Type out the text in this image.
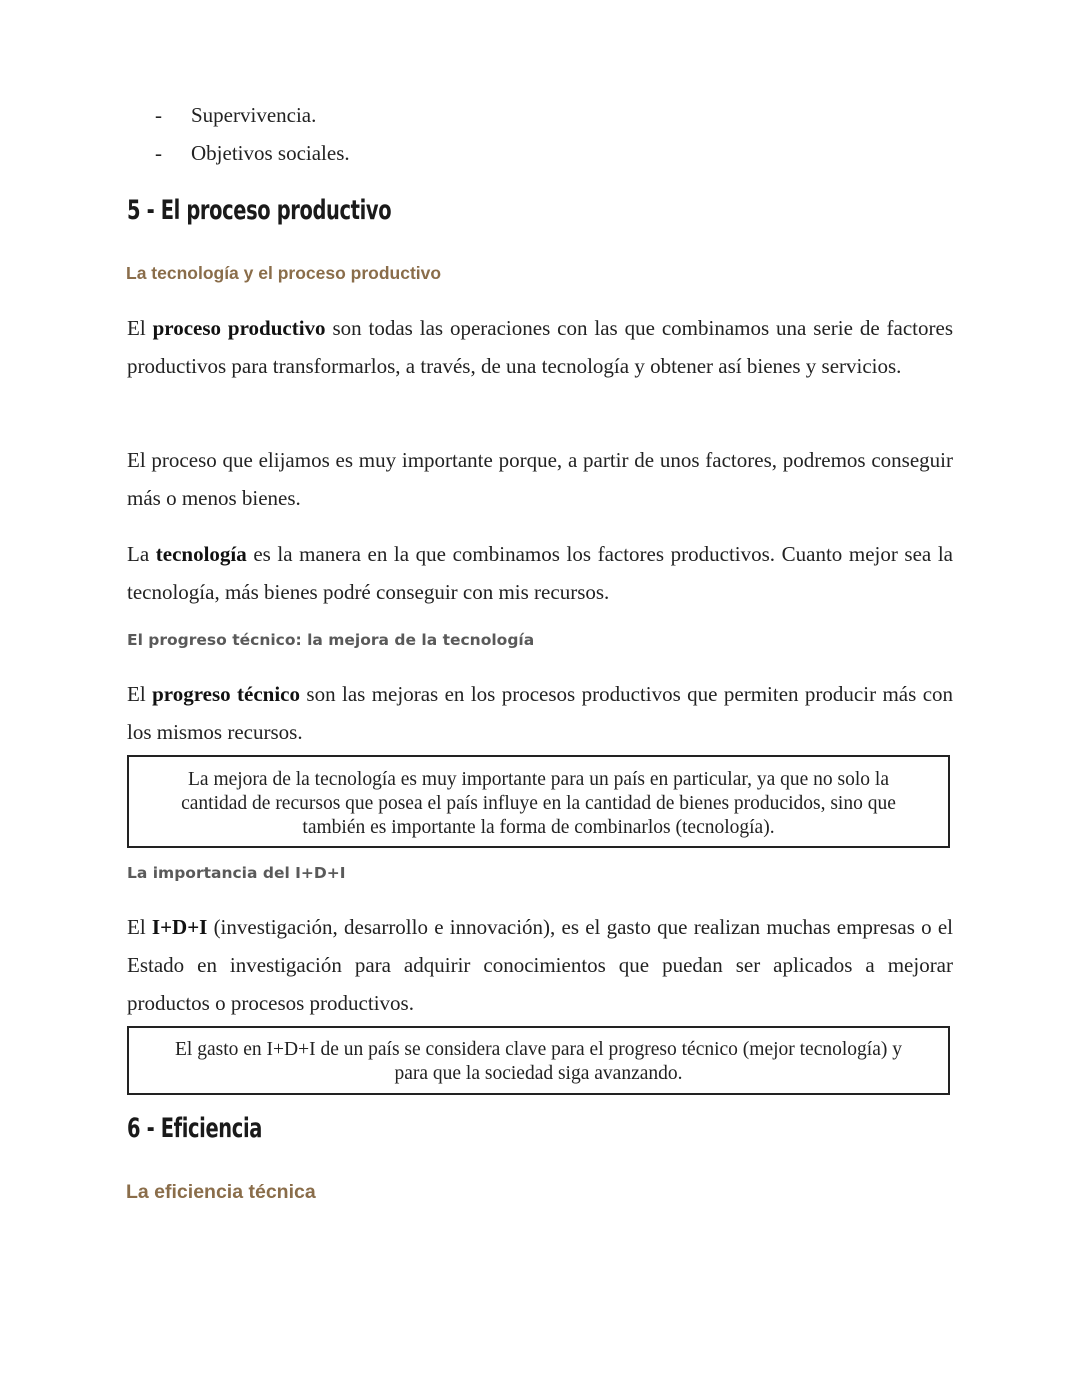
-	Supervivencia.
-	Objetivos sociales.
5 - El proceso productivo
La tecnología y el proceso productivo

El proceso productivo son todas las operaciones con las que combinamos una serie de factores productivos para transformarlos, a través, de una tecnología y obtener así bienes y servicios.

El proceso que elijamos es muy importante porque, a partir de unos factores, podremos conseguir más o menos bienes.

La tecnología es la manera en la que combinamos los factores productivos. Cuanto mejor sea la tecnología, más bienes podré conseguir con mis recursos.

El progreso técnico: la mejora de la tecnología

El progreso técnico son las mejoras en los procesos productivos que permiten producir más con los mismos recursos.

La mejora de la tecnología es muy importante para un país en particular, ya que no solo la cantidad de recursos que posea el país influye en la cantidad de bienes producidos, sino que también es importante la forma de combinarlos (tecnología).
La importancia del I+D+I

El I+D+I (investigación, desarrollo e innovación), es el gasto que realizan muchas empresas o el Estado en investigación para adquirir conocimientos que puedan ser aplicados a mejorar productos o procesos productivos.

El gasto en I+D+I de un país se considera clave para el progreso técnico (mejor tecnología) y para que la sociedad siga avanzando.
6 - Eficiencia
La eficiencia técnica
